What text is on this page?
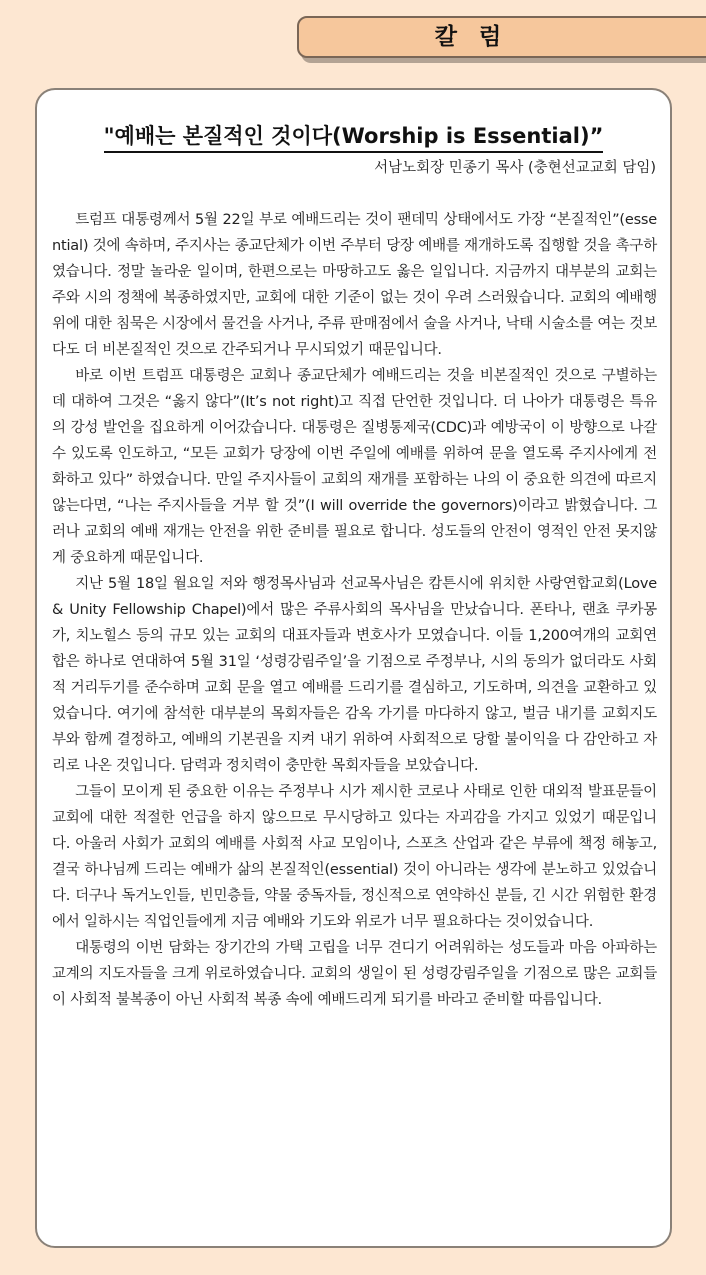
칼럼
"예배는 본질적인 것이다(Worship is Essential)”
서남노회장 민종기 목사 (충현선교교회 담임)

트럼프 대통령께서 5월 22일 부로 예배드리는 것이 팬데믹 상태에서도 가장 “본질적인”(essential) 것에 속하며, 주지사는 종교단체가 이번 주부터 당장 예배를 재개하도록 집행할 것을 촉구하였습니다. 정말 놀라운 일이며, 한편으로는 마땅하고도 옳은 일입니다. 지금까지 대부분의 교회는 주와 시의 정책에 복종하였지만, 교회에 대한 기준이 없는 것이 우려 스러웠습니다. 교회의 예배행위에 대한 침묵은 시장에서 물건을 사거나, 주류 판매점에서 술을 사거나, 낙태 시술소를 여는 것보다도 더 비본질적인 것으로 간주되거나 무시되었기 때문입니다.

바로 이번 트럼프 대통령은 교회나 종교단체가 예배드리는 것을 비본질적인 것으로 구별하는데 대하여 그것은 “옳지 않다”(It’s not right)고 직접 단언한 것입니다. 더 나아가 대통령은 특유의 강성 발언을 집요하게 이어갔습니다. 대통령은 질병통제국(CDC)과 예방국이 이 방향으로 나갈 수 있도록 인도하고, “모든 교회가 당장에 이번 주일에 예배를 위하여 문을 열도록 주지사에게 전화하고 있다” 하였습니다. 만일 주지사들이 교회의 재개를 포함하는 나의 이 중요한 의견에 따르지 않는다면, “나는 주지사들을 거부 할 것”(I will override the governors)이라고 밝혔습니다. 그러나 교회의 예배 재개는 안전을 위한 준비를 필요로 합니다. 성도들의 안전이 영적인 안전 못지않게 중요하게 때문입니다.

지난 5월 18일 월요일 저와 행정목사님과 선교목사님은 캄튼시에 위치한 사랑연합교회(Love & Unity Fellowship Chapel)에서 많은 주류사회의 목사님을 만났습니다. 폰타나, 랜쵸 쿠카몽가, 치노힐스 등의 규모 있는 교회의 대표자들과 변호사가 모였습니다. 이들 1,200여개의 교회연합은 하나로 연대하여 5월 31일 ‘성령강림주일’을 기점으로 주정부나, 시의 동의가 없더라도 사회적 거리두기를 준수하며 교회 문을 열고 예배를 드리기를 결심하고, 기도하며, 의견을 교환하고 있었습니다. 여기에 참석한 대부분의 목회자들은 감옥 가기를 마다하지 않고, 벌금 내기를 교회지도부와 함께 결정하고, 예배의 기본권을 지켜 내기 위하여 사회적으로 당할 불이익을 다 감안하고 자리로 나온 것입니다. 담력과 정치력이 충만한 목회자들을 보았습니다.

그들이 모이게 된 중요한 이유는 주정부나 시가 제시한 코로나 사태로 인한 대외적 발표문들이 교회에 대한 적절한 언급을 하지 않으므로 무시당하고 있다는 자괴감을 가지고 있었기 때문입니다. 아울러 사회가 교회의 예배를 사회적 사교 모임이나, 스포츠 산업과 같은 부류에 책정 해놓고, 결국 하나님께 드리는 예배가 삶의 본질적인(essential) 것이 아니라는 생각에 분노하고 있었습니다. 더구나 독거노인들, 빈민층들, 약물 중독자들, 정신적으로 연약하신 분들, 긴 시간 위험한 환경에서 일하시는 직업인들에게 지금 예배와 기도와 위로가 너무 필요하다는 것이었습니다.

대통령의 이번 담화는 장기간의 가택 고립을 너무 견디기 어려워하는 성도들과 마음 아파하는 교계의 지도자들을 크게 위로하였습니다. 교회의 생일이 된 성령강림주일을 기점으로 많은 교회들이 사회적 불복종이 아닌 사회적 복종 속에 예배드리게 되기를 바라고 준비할 따름입니다.
